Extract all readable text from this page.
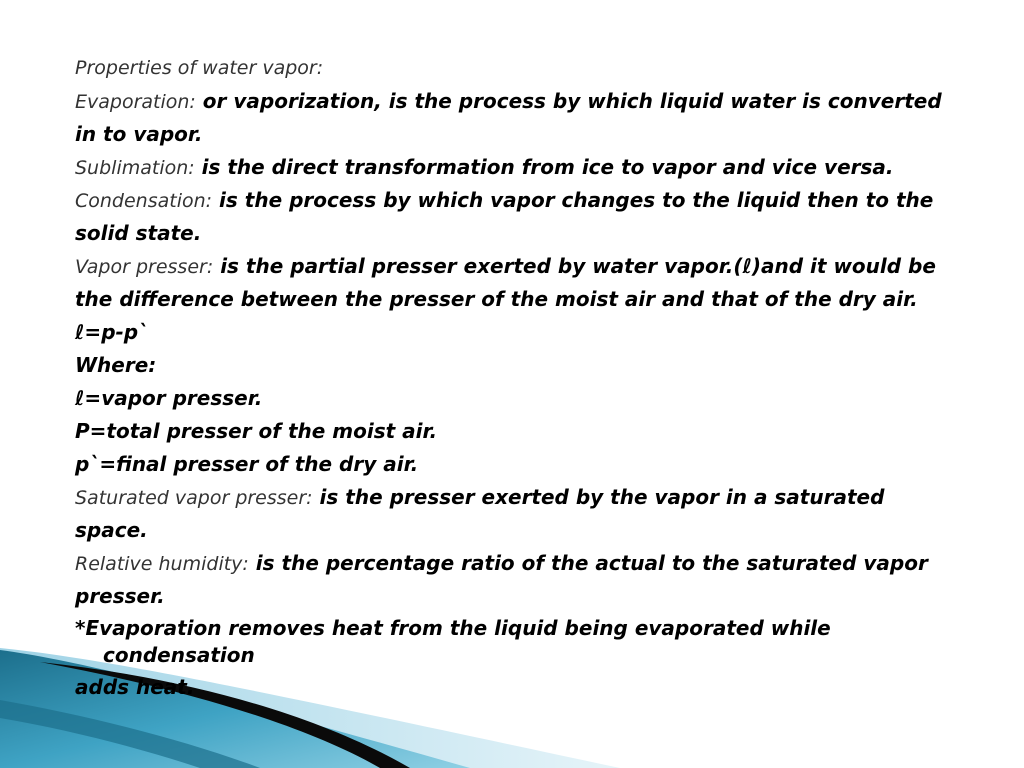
Properties of water vapor:
Evaporation: or vaporization, is the process by which liquid water is converted
in to vapor.
Sublimation: is the direct transformation from ice to vapor and vice versa.
Condensation: is the process by which vapor changes to the liquid then to the
solid state.
Vapor presser: is the partial presser exerted by water vapor.(ℓ)and it would be
the difference between the presser of the moist air and that of the dry air.
ℓ=p-p`
Where:
ℓ=vapor presser.
P=total presser of the moist air.
p`=final presser of the dry air.
Saturated vapor presser: is the presser exerted by the vapor in a saturated
space.
Relative humidity: is the percentage ratio of the actual to the saturated vapor
presser.
*Evaporation removes heat from the liquid being evaporated while condensation
adds heat.
